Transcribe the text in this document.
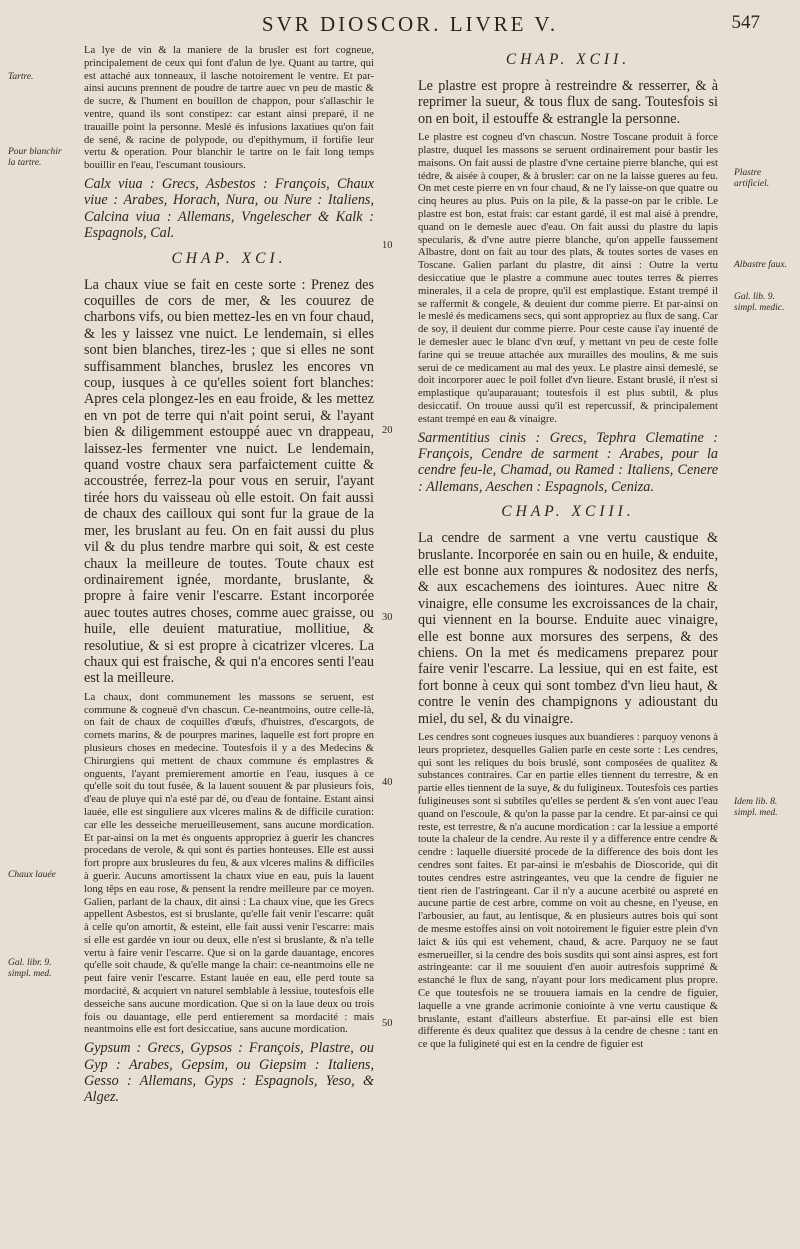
SVR DIOSCOR. LIVRE V.	547
Tartre.
Pour blanchir la tartre.
Chaux lauée
Gal. libr. 9. simpl. med.
Plastre artificiel.
Albastre faux.
Gal. lib. 9. simpl. medic.
Idem lib. 8. simpl. med.
10
20
30
40
50

La lye de vin & la maniere de la brusler est fort cogneue, principalement de ceux qui font d'alun de lye. Quant au tartre, qui est attaché aux tonneaux, il lasche notoirement le ventre. Et par-ainsi aucuns prennent de poudre de tartre auec vn peu de mastic & de sucre, & l'hument en bouillon de chappon, pour s'allaschir le ventre, quand ils sont constipez: car estant ainsi preparé, il ne trauaille point la personne. Meslé és infusions laxatiues qu'on fait de sené, & racine de polypode, ou d'epithymum, il fortifie leur vertu & operation. Pour blanchir le tartre on le fait long temps bouillir en l'eau, l'escumant tousiours.

Calx viua : Grecs, Asbestos : François, Chaux viue : Arabes, Horach, Nura, ou Nure : Italiens, Calcina viua : Allemans, Vngelescher & Kalk : Espagnols, Cal.

CHAP. XCI.

La chaux viue se fait en ceste sorte : Prenez des coquilles de cors de mer, & les couurez de charbons vifs, ou bien mettez-les en vn four chaud, & les y laissez vne nuict. Le lendemain, si elles sont bien blanches, tirez-les ; que si elles ne sont suffisamment blanches, bruslez les encores vn coup, iusques à ce qu'elles soient fort blanches: Apres cela plongez-les en eau froide, & les mettez en vn pot de terre qui n'ait point serui, & l'ayant bien & diligemment estouppé auec vn drappeau, laissez-les fermenter vne nuict. Le lendemain, quand vostre chaux sera parfaictement cuitte & accoustrée, ferrez-la pour vous en seruir, l'ayant tirée hors du vaisseau où elle estoit. On fait aussi de chaux des cailloux qui sont fur la graue de la mer, les bruslant au feu. On en fait aussi du plus vil & du plus tendre marbre qui soit, & est ceste chaux la meilleure de toutes. Toute chaux est ordinairement ignée, mordante, bruslante, & propre à faire venir l'escarre. Estant incorporée auec toutes autres choses, comme auec graisse, ou huile, elle deuient maturatiue, mollitiue, & resolutiue, & si est propre à cicatrizer vlceres. La chaux qui est fraische, & qui n'a encores senti l'eau est la meilleure.

La chaux, dont communement les massons se seruent, est commune & cogneuë d'vn chascun. Ce-neantmoins, outre celle-là, on fait de chaux de coquilles d'œufs, d'huistres, d'escargots, de cornets marins, & de pourpres marines, laquelle est fort propre en plusieurs choses en medecine. Toutesfois il y a des Medecins & Chirurgiens qui mettent de chaux commune és emplastres & onguents, l'ayant premierement amortie en l'eau, iusques à ce qu'elle soit du tout fusée, & la lauent souuent & par plusieurs fois, d'eau de pluye qui n'a esté par dé, ou d'eau de fontaine. Estant ainsi lauée, elle est singuliere aux vlceres malins & de difficile curation: car elle les desseiche merueilleusement, sans aucune mordication. Et par-ainsi on la met és onguents appropriez à guerir les chancres procedans de verole, & qui sont és parties honteuses. Elle est aussi fort propre aux brusleures du feu, & aux vlceres malins & difficiles à guerir. Aucuns amortissent la chaux viue en eau, puis la lauent long têps en eau rose, & pensent la rendre meilleure par ce moyen. Galien, parlant de la chaux, dit ainsi : La chaux viue, que les Grecs appellent Asbestos, est si bruslante, qu'elle fait venir l'escarre: quât à celle qu'on amortit, & esteint, elle fait aussi venir l'escarre: mais si elle est gardée vn iour ou deux, elle n'est si bruslante, & n'a telle vertu à faire venir l'escarre. Que si on la garde dauantage, encores qu'elle soit chaude, & qu'elle mange la chair: ce-neantmoins elle ne peut faire venir l'escarre. Estant lauée en eau, elle perd toute sa mordacité, & acquiert vn naturel semblable à lessiue, toutesfois elle desseiche sans aucune mordication. Que si on la laue deux ou trois fois ou dauantage, elle perd entierement sa mordacité : mais neantmoins elle est fort desiccatiue, sans aucune mordication.

Gypsum : Grecs, Gypsos : François, Plastre, ou Gyp : Arabes, Gepsim, ou Giepsim : Italiens, Gesso : Allemans, Gyps : Espagnols, Yeso, & Algez.

CHAP. XCII.

Le plastre est propre à restreindre & resserrer, & à reprimer la sueur, & tous flux de sang. Toutesfois si on en boit, il estouffe & estrangle la personne.

Le plastre est cogneu d'vn chascun. Nostre Toscane produit à force plastre, duquel les massons se seruent ordinairement pour bastir les maisons. On fait aussi de plastre d'vne certaine pierre blanche, qui est tédre, & aisée à couper, & à brusler: car on ne la laisse gueres au feu. On met ceste pierre en vn four chaud, & ne l'y laisse-on que quatre ou cinq heures au plus. Puis on la pile, & la passe-on par le crible. Le plastre est bon, estat frais: car estant gardé, il est mal aisé à prendre, quand on le demesle auec d'eau. On fait aussi du plastre du lapis specularis, & d'vne autre pierre blanche, qu'on appelle faussement Albastre, dont on fait au tour des plats, & toutes sortes de vases en Toscane. Galien parlant du plastre, dit ainsi : Outre la vertu desiccatiue que le plastre a commune auec toutes terres & pierres minerales, il a cela de propre, qu'il est emplastique. Estant trempé il se raffermit & congele, & deuient dur comme pierre. Et par-ainsi on le meslé és medicamens secs, qui sont appropriez au flux de sang. Car de soy, il deuient dur comme pierre. Pour ceste cause i'ay inuenté de le demesler auec le blanc d'vn œuf, y mettant vn peu de ceste folle farine qui se treuue attachée aux murailles des moulins, & me suis serui de ce medicament au mal des yeux. Le plastre ainsi demeslé, se doit incorporer auec le poil follet d'vn lieure. Estant bruslé, il n'est si emplastique qu'auparauant; toutesfois il est plus subtil, & plus desiccatif. On trouue aussi qu'il est repercussif, & principalement estant trempé en eau & vinaigre.

Sarmentitius cinis : Grecs, Tephra Clematine : François, Cendre de sarment : Arabes, pour la cendre feu-le, Chamad, ou Ramed : Italiens, Cenere : Allemans, Aeschen : Espagnols, Ceniza.

CHAP. XCIII.

La cendre de sarment a vne vertu caustique & bruslante. Incorporée en sain ou en huile, & enduite, elle est bonne aux rompures & nodositez des nerfs, & aux escachemens des iointures. Auec nitre & vinaigre, elle consume les excroissances de la chair, qui viennent en la bourse. Enduite auec vinaigre, elle est bonne aux morsures des serpens, & des chiens. On la met és medicamens preparez pour faire venir l'escarre. La lessiue, qui en est faite, est fort bonne à ceux qui sont tombez d'vn lieu haut, & contre le venin des champignons y adioustant du miel, du sel, & du vinaigre.

Les cendres sont cogneues iusques aux buandieres : parquoy venons à leurs proprietez, desquelles Galien parle en ceste sorte : Les cendres, qui sont les reliques du bois bruslé, sont composées de qualitez & substances contraires. Car en partie elles tiennent du terrestre, & en partie elles tiennent de la suye, & du fuligineux. Toutesfois ces parties fuligineuses sont si subtiles qu'elles se perdent & s'en vont auec l'eau quand on l'escoule, & qu'on la passe par la cendre. Et par-ainsi ce qui reste, est terrestre, & n'a aucune mordication : car la lessiue a emporté toute la chaleur de la cendre. Au reste il y a difference entre cendre & cendre : laquelle diuersité procede de la difference des bois dont les cendres sont faites. Et par-ainsi ie m'esbahis de Dioscoride, qui dit toutes cendres estre astringeantes, veu que la cendre de figuier ne tient rien de l'astringeant. Car il n'y a aucune acerbité ou aspreté en aucune partie de cest arbre, comme on voit au chesne, en l'yeuse, en l'arbousier, au faut, au lentisque, & en plusieurs autres bois qui sont de mesme estoffes ainsi on voit notoirement le figuier estre plein d'vn laict & iûs qui est vehement, chaud, & acre. Parquoy ne se faut esmerueiller, si la cendre des bois susdits qui sont ainsi aspres, est fort astringeante: car il me souuient d'en auoir autresfois supprimé & estanché le flux de sang, n'ayant pour lors medicament plus propre. Ce que toutesfois ne se trouuera iamais en la cendre de figuier, laquelle a vne grande acrimonie coniointe à vne vertu caustique & bruslante, estant d'ailleurs absterfiue. Et par-ainsi elle est bien differente és deux qualitez que dessus à la cendre de chesne : tant en ce que la fuligineté qui est en la cendre de figuier est
